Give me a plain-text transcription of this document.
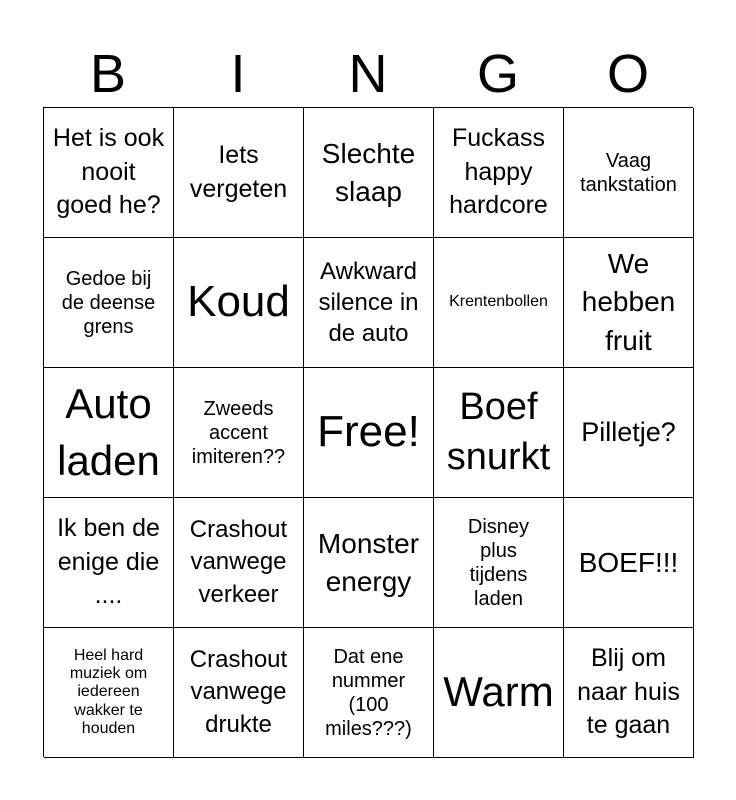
B	I	N	G	O
Het is ook nooit goed he?
Iets vergeten
Slechte slaap
Fuckass happy hardcore
Vaag tankstation
Gedoe bij de deense grens
Koud
Awkward silence in de auto
Krentenbollen
We hebben fruit
Auto laden
Zweeds accent imiteren??
Free!	Boef snurkt
Pilletje?
Ik ben de enige die ....
Crashout vanwege verkeer
Monster energy
Disney plus tijdens laden
BOEF!!!
Heel hard muziek om iedereen wakker te houden
Crashout vanwege drukte
Dat ene nummer (100 miles???)
Warm
Blij om naar huis te gaan
